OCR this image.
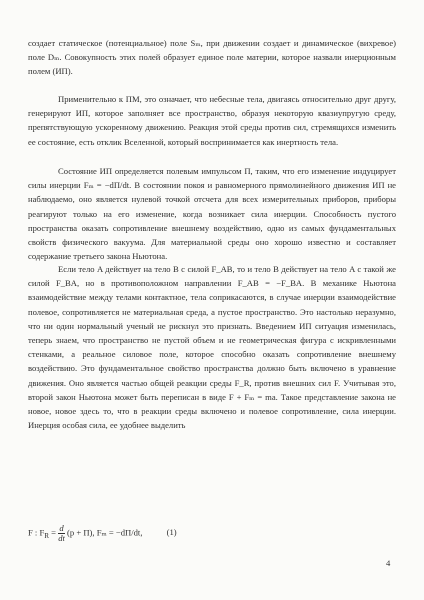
создает статическое (потенциальное) поле Sₘ, при движении создает и динамическое (вихревое) поле Dₘ. Совокупность этих полей образует единое поле материи, которое назвали инерционным полем (ИП).

Применительно к ПМ, это означает, что небесные тела, двигаясь относительно друг другу, генерируют ИП, которое заполняет все пространство, образуя некоторую квазиупругую среду, препятствующую ускоренному движению. Реакция этой среды против сил, стремящихся изменить ее состояние, есть отклик Вселенной, который воспринимается как инертность тела.

Состояние ИП определяется полевым импульсом Π, таким, что его изменение индуцирует силы инерции Fₘ = −dΠ/dt. В состоянии покоя и равномерного прямолинейного движения ИП не наблюдаемо, оно является нулевой точкой отсчета для всех измерительных приборов, приборы реагируют только на его изменение, когда возникает сила инерции. Способность пустого пространства оказать сопротивление внешнему воздействию, одно из самых фундаментальных свойств физического вакуума. Для материальной среды оно хорошо известно и составляет содержание третьего закона Ньютона.

Если тело A действует на тело B с силой F_AB, то и тело B действует на тело A с такой же силой F_BA, но в противоположном направлении F_AB = −F_BA. В механике Ньютона взаимодействие между телами контактное, тела соприкасаются, в случае инерции взаимодействие полевое, сопротивляется не материальная среда, а пустое пространство. Это настолько неразумно, что ни один нормальный ученый не рискнул это признать. Введением ИП ситуация изменилась, теперь знаем, что пространство не пустой объем и не геометрическая фигура с искривленными стенками, а реальное силовое поле, которое способно оказать сопротивление внешнему воздействию. Это фундаментальное свойство пространства должно быть включено в уравнение движения. Оно является частью общей реакции среды F_R, против внешних сил F. Учитывая это, второй закон Ньютона может быть переписан в виде F + Fₘ = ma. Такое представление закона не новое, новое здесь то, что в реакции среды включено и полевое сопротивление, сила инерции. Инерция особая сила, ее удобнее выделить

F : $F_R = \frac{d}{dt} (p + \Pi)$, Fₘ = −dΠ/dt,	(1)
4
